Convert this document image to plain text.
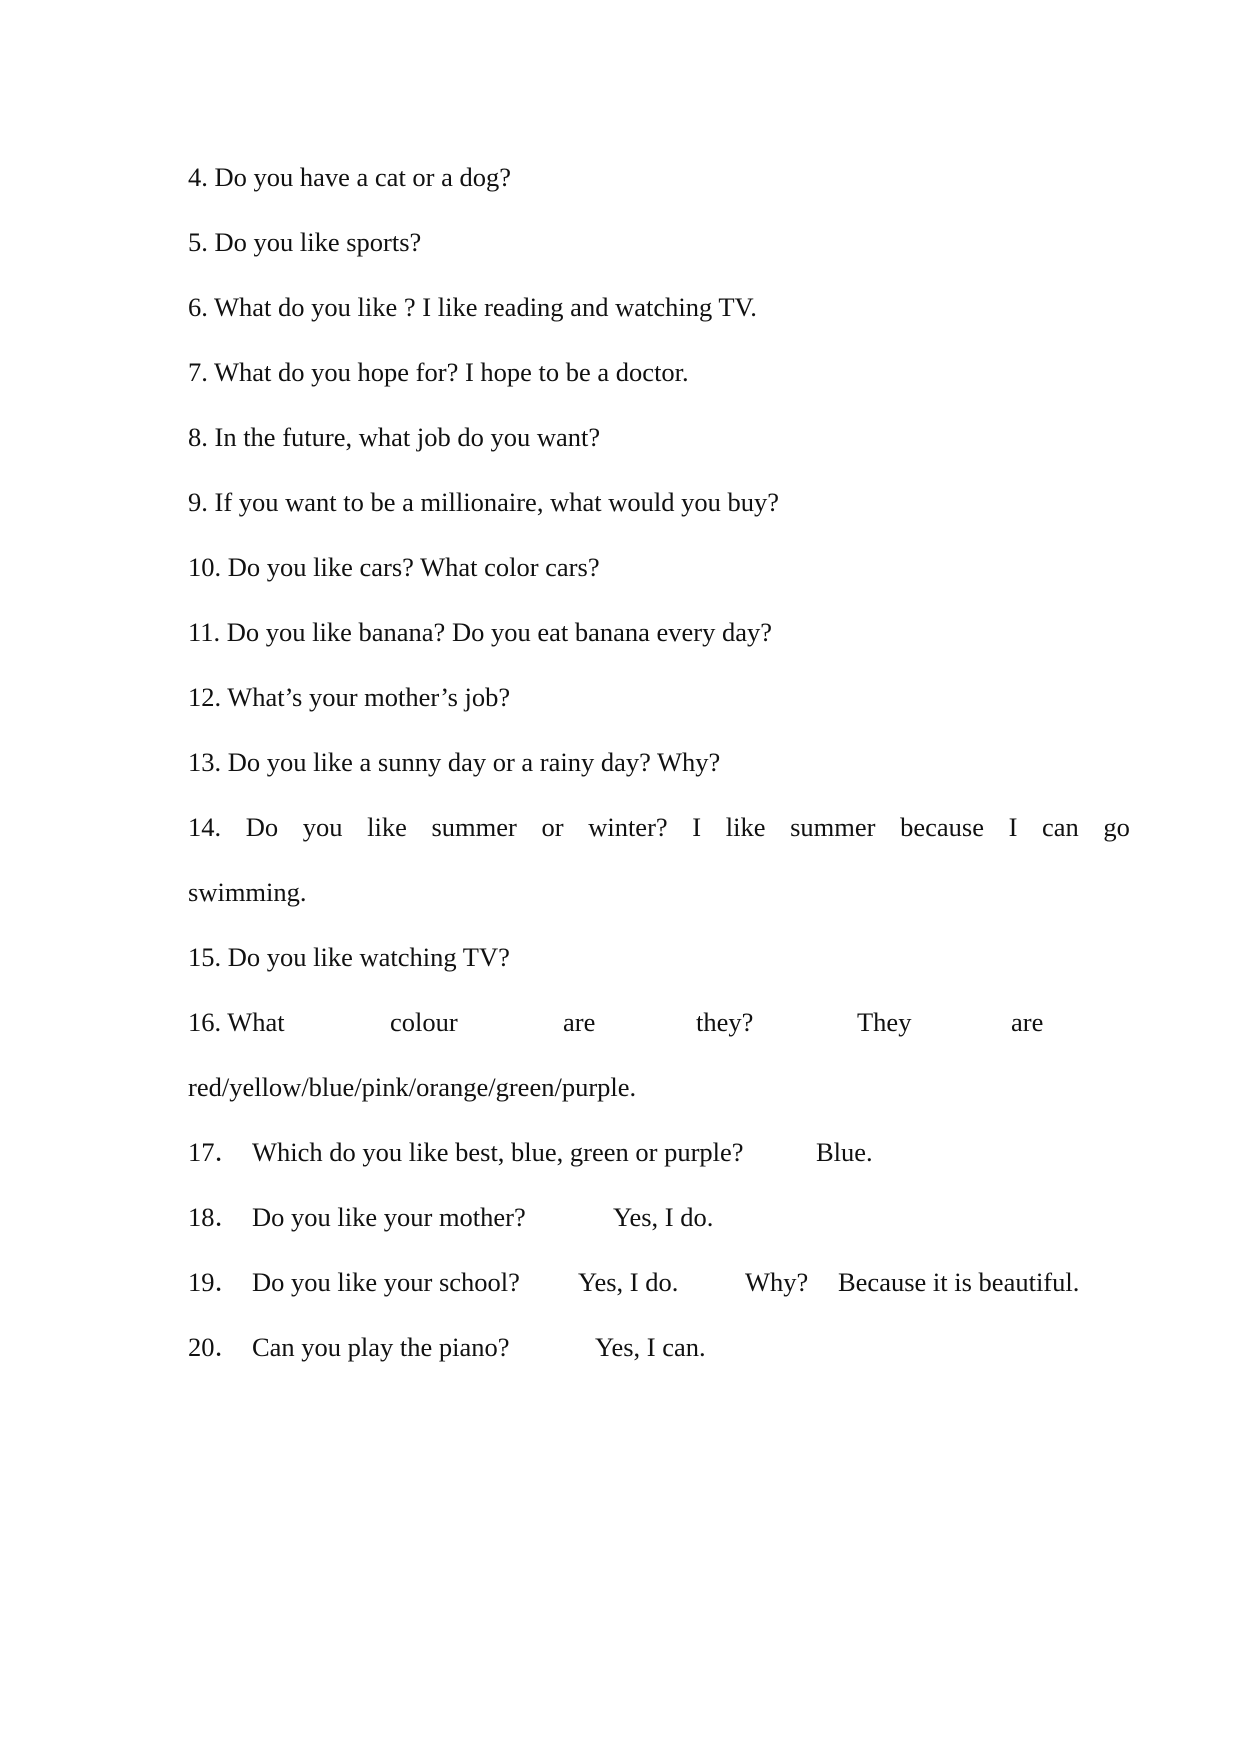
4. Do you have a cat or a dog?
5. Do you like sports?
6. What do you like ? I like reading and watching TV.
7. What do you hope for? I hope to be a doctor.
8. In the future, what job do you want?
9. If you want to be a millionaire, what would you buy?
10. Do you like cars? What color cars?
11. Do you like banana? Do you eat banana every day?
12. What’s your mother’s job?
13. Do you like a sunny day or a rainy day? Why?
14. Do you like summer or winter? I like summer because I can go
swimming.
15. Do you like watching TV?
16. What	colour	are	they?	They	are
red/yellow/blue/pink/orange/green/purple.
17． Which do you like best, blue, green or purple?	Blue.
18． Do you like your mother?	Yes, I do.
19． Do you like your school? Yes, I do.	Why? Because it is beautiful.
20． Can you play the piano?	Yes, I can.
